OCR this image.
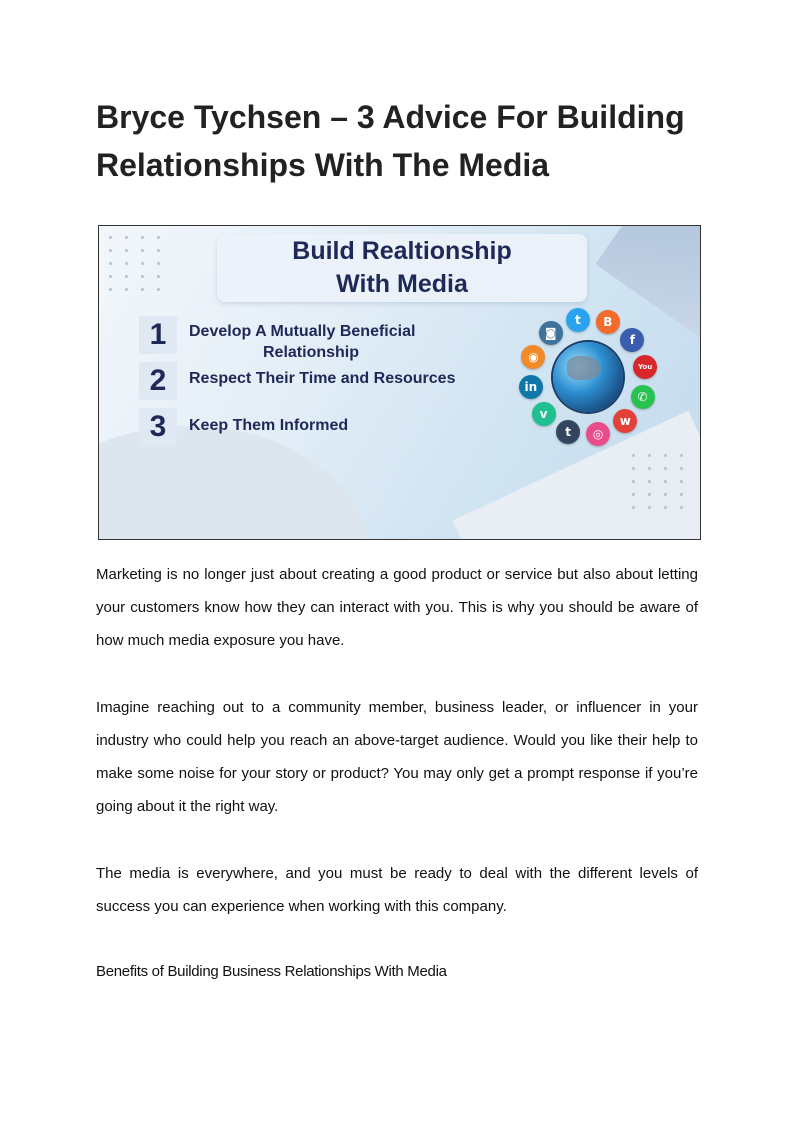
Bryce Tychsen – 3 Advice For Building Relationships With The Media
Build Realtionship
With Media
1	Develop A Mutually Beneficial
Relationship
2	Respect Their Time and Resources
3	Keep Them Informed
t	B
f
You
✆
w
◎
t
v
in
◉
◙

Marketing is no longer just about creating a good product or service but also about letting your customers know how they can interact with you. This is why you should be aware of how much media exposure you have.

Imagine reaching out to a community member, business leader, or influencer in your industry who could help you reach an above-target audience. Would you like their help to make some noise for your story or product? You may only get a prompt response if you’re going about it the right way.

The media is everywhere, and you must be ready to deal with the different levels of success you can experience when working with this company.

Benefits of Building Business Relationships With Media
